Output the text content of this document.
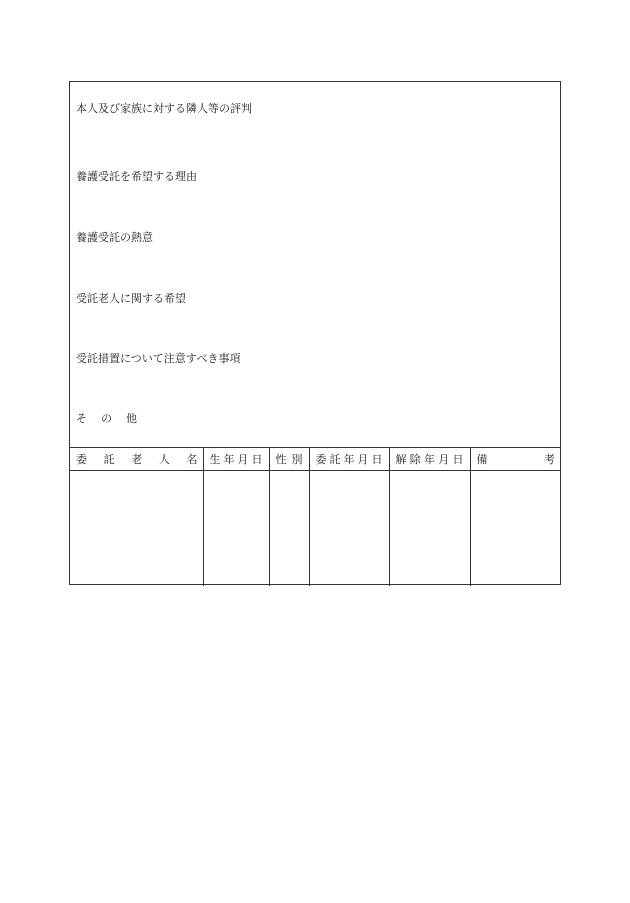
本人及び家族に対する隣人等の評判
養護受託を希望する理由
養護受託の熱意
受託老人に関する希望
受託措置について注意すべき事項
そ の 他
委 託 老 人 名	生 年 月 日	性 別	委 託 年 月 日	解 除 年 月 日	備 考
